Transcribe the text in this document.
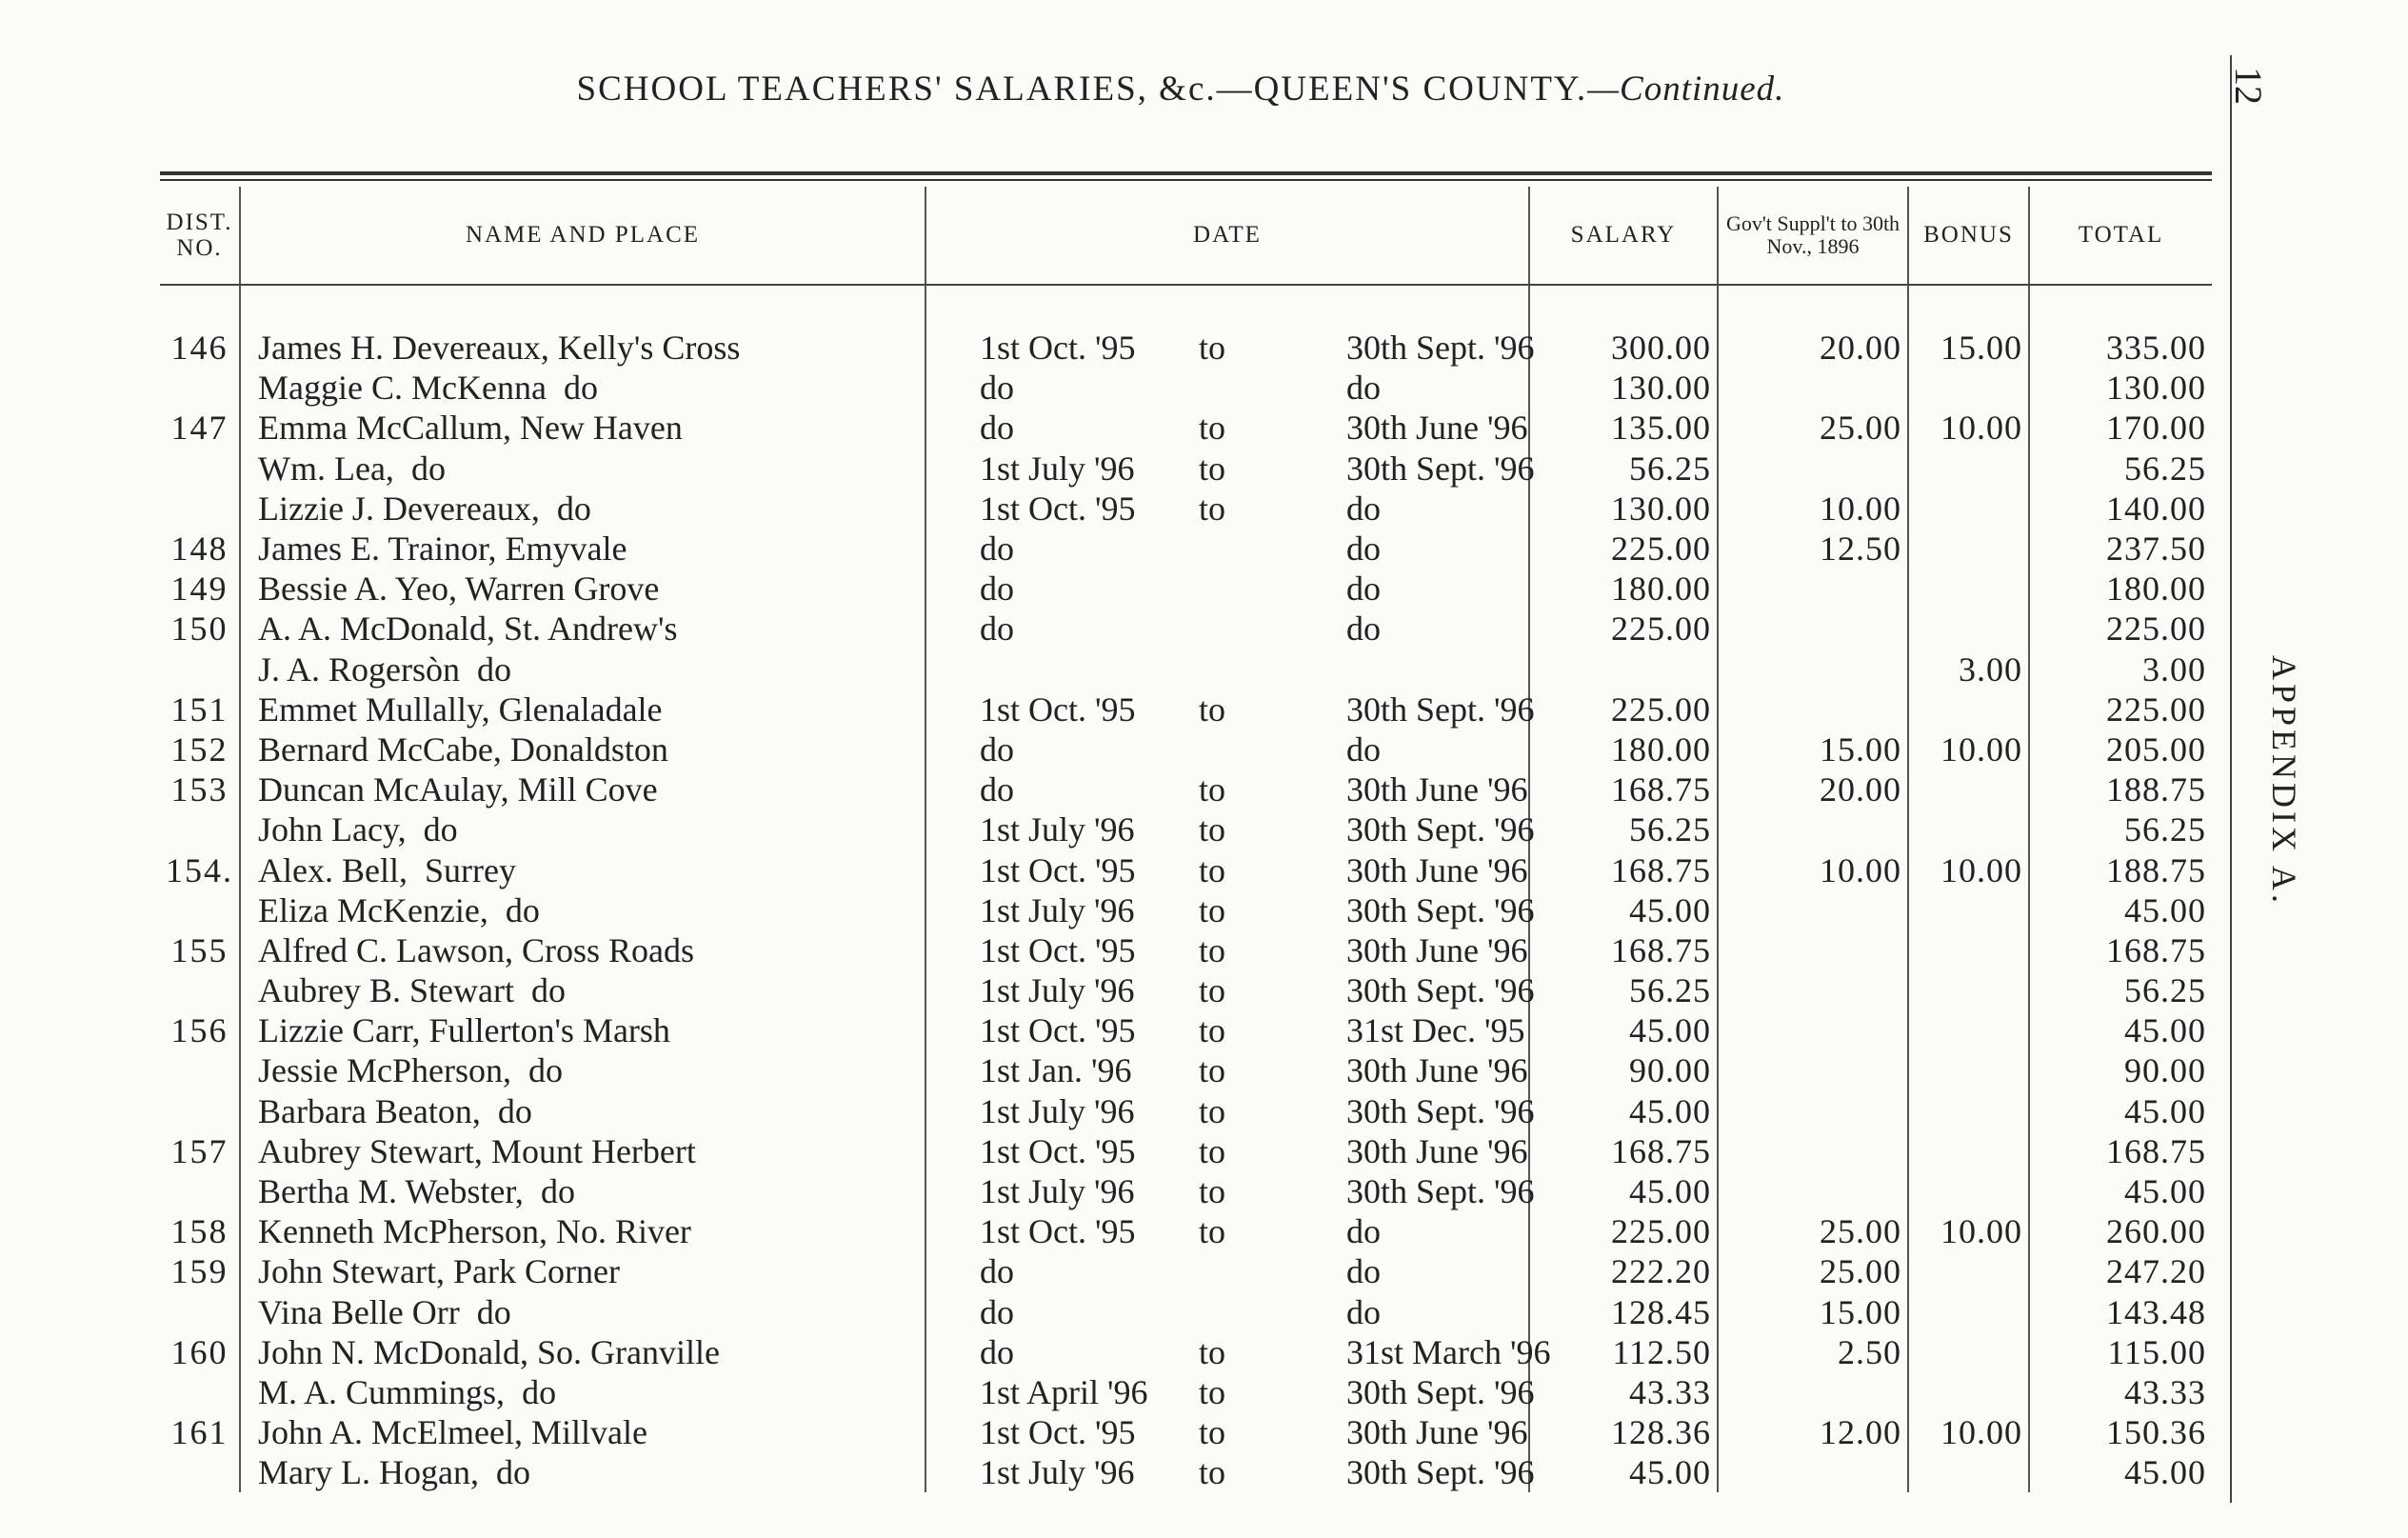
SCHOOL TEACHERS' SALARIES, &c.—QUEEN'S COUNTY.—Continued.
DIST. NO.	NAME AND PLACE	DATE	SALARY	Gov't Suppl't to 30th Nov., 1896	BONUS	TOTAL

146	James H. Devereaux, Kelly's Cross	1st Oct. '95 to 30th Sept. '96	300.00	20.00	15.00	335.00
	Maggie C. McKenna do	do do	130.00			130.00
147	Emma McCallum, New Haven	do to 30th June '96	135.00	25.00	10.00	170.00
	Wm. Lea, do	1st July '96 to 30th Sept. '96	56.25			56.25
	Lizzie J. Devereaux, do	1st Oct. '95 to do	130.00	10.00		140.00
148	James E. Trainor, Emyvale	do do	225.00	12.50		237.50
149	Bessie A. Yeo, Warren Grove	do do	180.00			180.00
150	A. A. McDonald, St. Andrew's	do do	225.00			225.00
	J. A. Rogersòn do				3.00	3.00
151	Emmet Mullally, Glenaladale	1st Oct. '95 to 30th Sept. '96	225.00			225.00
152	Bernard McCabe, Donaldston	do do	180.00	15.00	10.00	205.00
153	Duncan McAulay, Mill Cove	do to 30th June '96	168.75	20.00		188.75
	John Lacy, do	1st July '96 to 30th Sept. '96	56.25			56.25
154.	Alex. Bell, Surrey	1st Oct. '95 to 30th June '96	168.75	10.00	10.00	188.75
	Eliza McKenzie, do	1st July '96 to 30th Sept. '96	45.00			45.00
155	Alfred C. Lawson, Cross Roads	1st Oct. '95 to 30th June '96	168.75			168.75
	Aubrey B. Stewart do	1st July '96 to 30th Sept. '96	56.25			56.25
156	Lizzie Carr, Fullerton's Marsh	1st Oct. '95 to 31st Dec. '95	45.00			45.00
	Jessie McPherson, do	1st Jan. '96 to 30th June '96	90.00			90.00
	Barbara Beaton, do	1st July '96 to 30th Sept. '96	45.00			45.00
157	Aubrey Stewart, Mount Herbert	1st Oct. '95 to 30th June '96	168.75			168.75
	Bertha M. Webster, do	1st July '96 to 30th Sept. '96	45.00			45.00
158	Kenneth McPherson, No. River	1st Oct. '95 to do	225.00	25.00	10.00	260.00
159	John Stewart, Park Corner	do do	222.20	25.00		247.20
	Vina Belle Orr do	do do	128.45	15.00		143.48
160	John N. McDonald, So. Granville	do to 31st March '96	112.50	2.50		115.00
	M. A. Cummings, do	1st April '96 to 30th Sept. '96	43.33			43.33
161	John A. McElmeel, Millvale	1st Oct. '95 to 30th June '96	128.36	12.00	10.00	150.36
	Mary L. Hogan, do	1st July '96 to 30th Sept. '96	45.00			45.00
12
APPENDIX A.
